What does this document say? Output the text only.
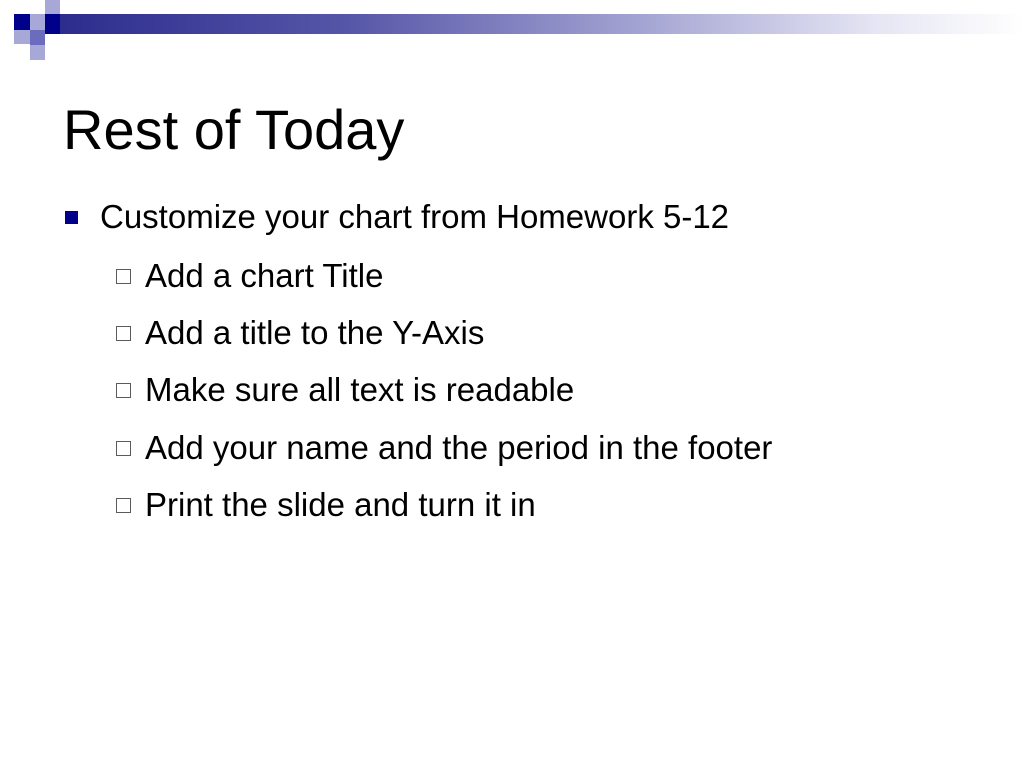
Rest of Today
Customize your chart from Homework 5-12
Add a chart Title
Add a title to the Y-Axis
Make sure all text is readable
Add your name and the period in the footer
Print the slide and turn it in
